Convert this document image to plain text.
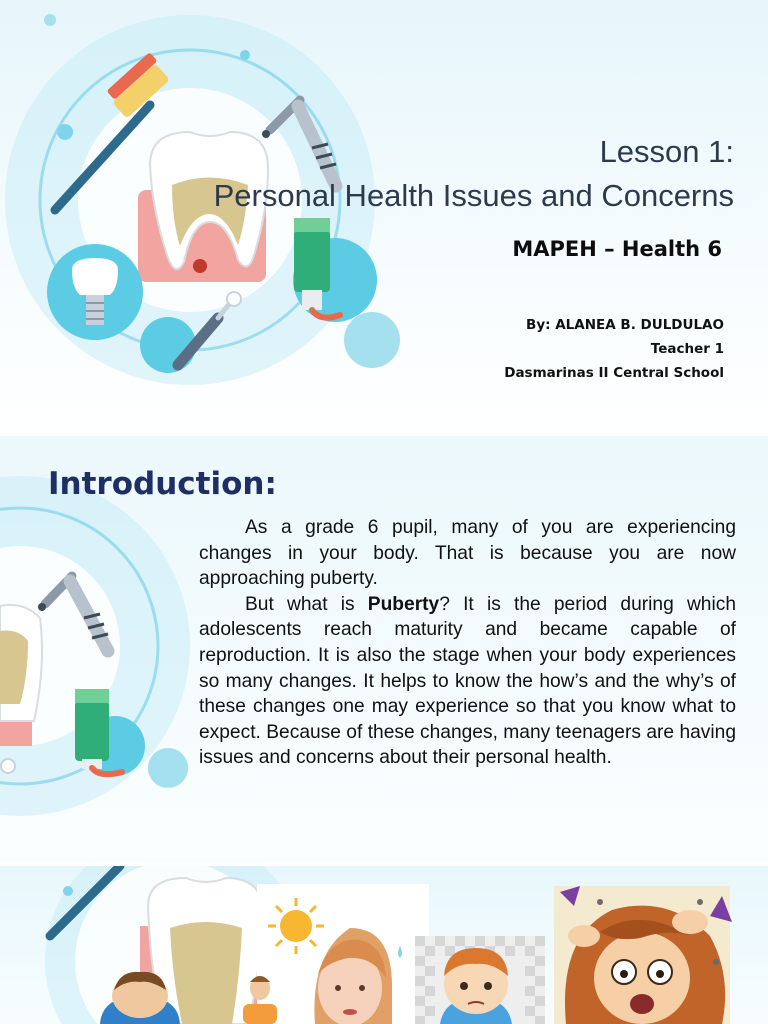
Lesson 1:
Personal Health Issues and Concerns
MAPEH – Health 6
By: ALANEA B. DULDULAO
Teacher 1
Dasmarinas II Central School
Introduction:

As a grade 6 pupil, many of you are experiencing changes in your body. That is because you are now approaching puberty.

But what is Puberty? It is the period during which adolescents reach maturity and became capable of reproduction. It is also the stage when your body experiences so many changes. It helps to know the how’s and the why’s of these changes one may experience so that you know what to expect. Because of these changes, many teenagers are having issues and concerns about their personal health.
